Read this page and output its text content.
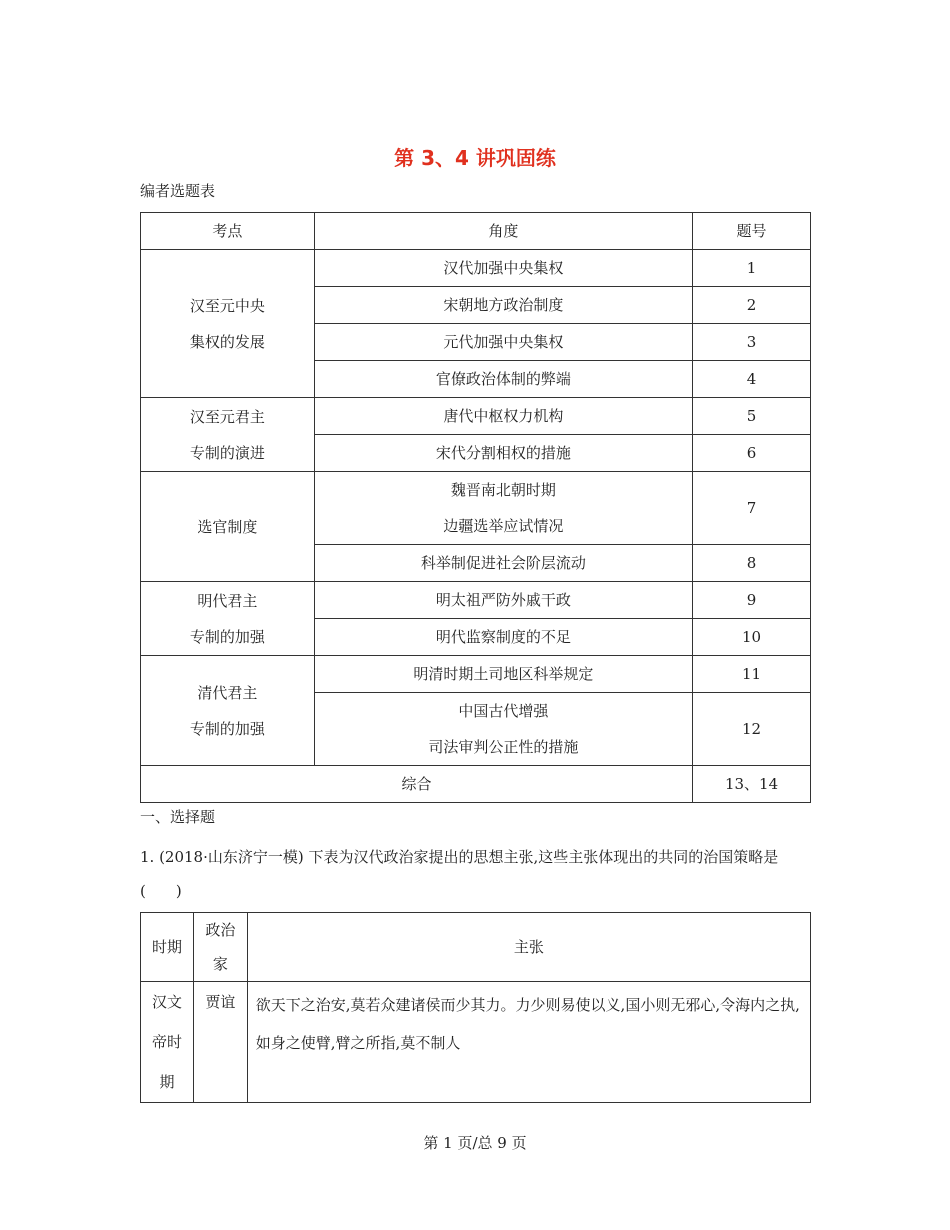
第 3、4 讲巩固练
编者选题表
考点	角度	题号

汉至元中央
集权的发展	汉代加强中央集权	1

	宋朝地方政治制度	2

	元代加强中央集权	3

	官僚政治体制的弊端	4

汉至元君主
专制的演进	唐代中枢权力机构	5

	宋代分割相权的措施	6

选官制度	魏晋南北朝时期
边疆选举应试情况	7

	科举制促进社会阶层流动	8

明代君主
专制的加强	明太祖严防外戚干政	9

	明代监察制度的不足	10

清代君主
专制的加强	明清时期土司地区科举规定	11

	中国古代增强
司法审判公正性的措施	12
综合		13、14
一、选择题
1. (2018·山东济宁一模) 下表为汉代政治家提出的思想主张,这些主张体现出的共同的治国策略是(　　)
时期	政治家	主张
汉文帝时期	贾谊	欲天下之治安,莫若众建诸侯而少其力。力少则易使以义,国小则无邪心,令海内之执,如身之使臂,臂之所指,莫不制人
第 1 页/总 9 页
